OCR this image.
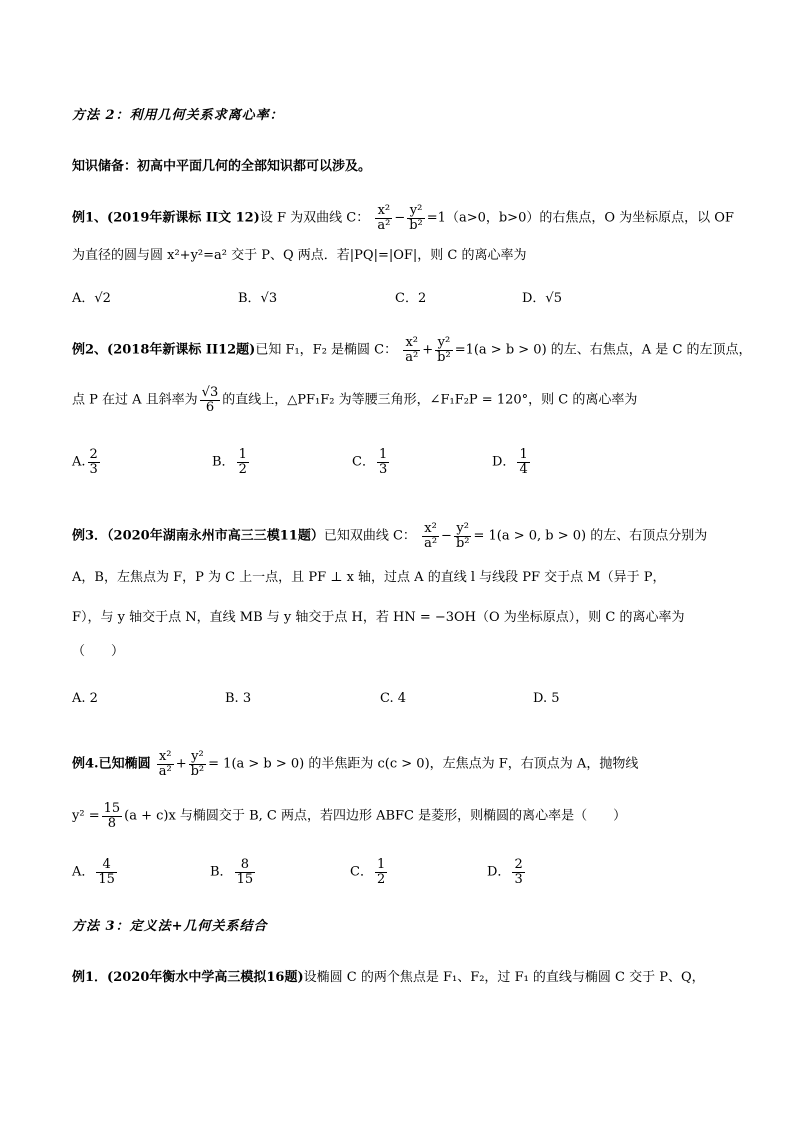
方法 2：利用几何关系求离心率：
知识储备：初高中平面几何的全部知识都可以涉及。
例1、(2019年新课标 II文 12)设 F 为双曲线 C： $\frac{\text{x²}}{\text{a²}} - \frac{\text{y²}}{\text{b²}} =1(a>0$，b>0）的右焦点，O 为坐标原点，以 OF
为直径的圆与圆 x²+y²=a² 交于 P、Q 两点．若|PQ|=|OF|，则 C 的离心率为
A．√2	B．√3	C．2	D．√5
例2、(2018年新课标 II12题)已知 F₁，F₂ 是椭圆 C： $\frac{\text{x²}}{\text{a²}} + \frac{\text{y²}}{\text{b²}} =1(a > b > 0)$ 的左、右焦点，A 是 C 的左顶点，
点 P 在过 A 且斜率为 $\frac{√3}{6}$ 的直线上，△PF₁F₂ 为等腰三角形，∠F₁F₂P = 120°，则 C 的离心率为
A. $\frac{2}{3}$	B． $\frac{1}{2}$	C． $\frac{1}{3}$	D． $\frac{1}{4}$
例3．（2020年湖南永州市高三三模11题）已知双曲线 C： $\frac{\text{x²}}{\text{a²}} - \frac{\text{y²}}{\text{b²}} = 1(a > 0$, b > 0) 的左、右顶点分别为
A，B，左焦点为 F，P 为 C 上一点，且 PF ⊥ x 轴，过点 A 的直线 l 与线段 PF 交于点 M（异于 P，
F），与 y 轴交于点 N，直线 MB 与 y 轴交于点 H，若 HN = −3OH（O 为坐标原点），则 C 的离心率为
（　　）
A. 2	B. 3	C. 4	D. 5
例4.已知椭圆 $\frac{\text{x²}}{\text{a²}} + \frac{\text{y²}}{\text{b²}} = 1(a > b > 0)$ 的半焦距为 c(c > 0)，左焦点为 F，右顶点为 A，抛物线
$y^2 = \frac{15}{8} (a + c)x$ 与椭圆交于 B, C 两点，若四边形 ABFC 是菱形，则椭圆的离心率是（　　）
A． $\frac{4}{15}$	B． $\frac{8}{15}$	C． $\frac{1}{2}$	D． $\frac{2}{3}$
方法 3：定义法+几何关系结合
例1．(2020年衡水中学高三模拟16题)设椭圆 C 的两个焦点是 F₁、F₂，过 F₁ 的直线与椭圆 C 交于 P、Q，
